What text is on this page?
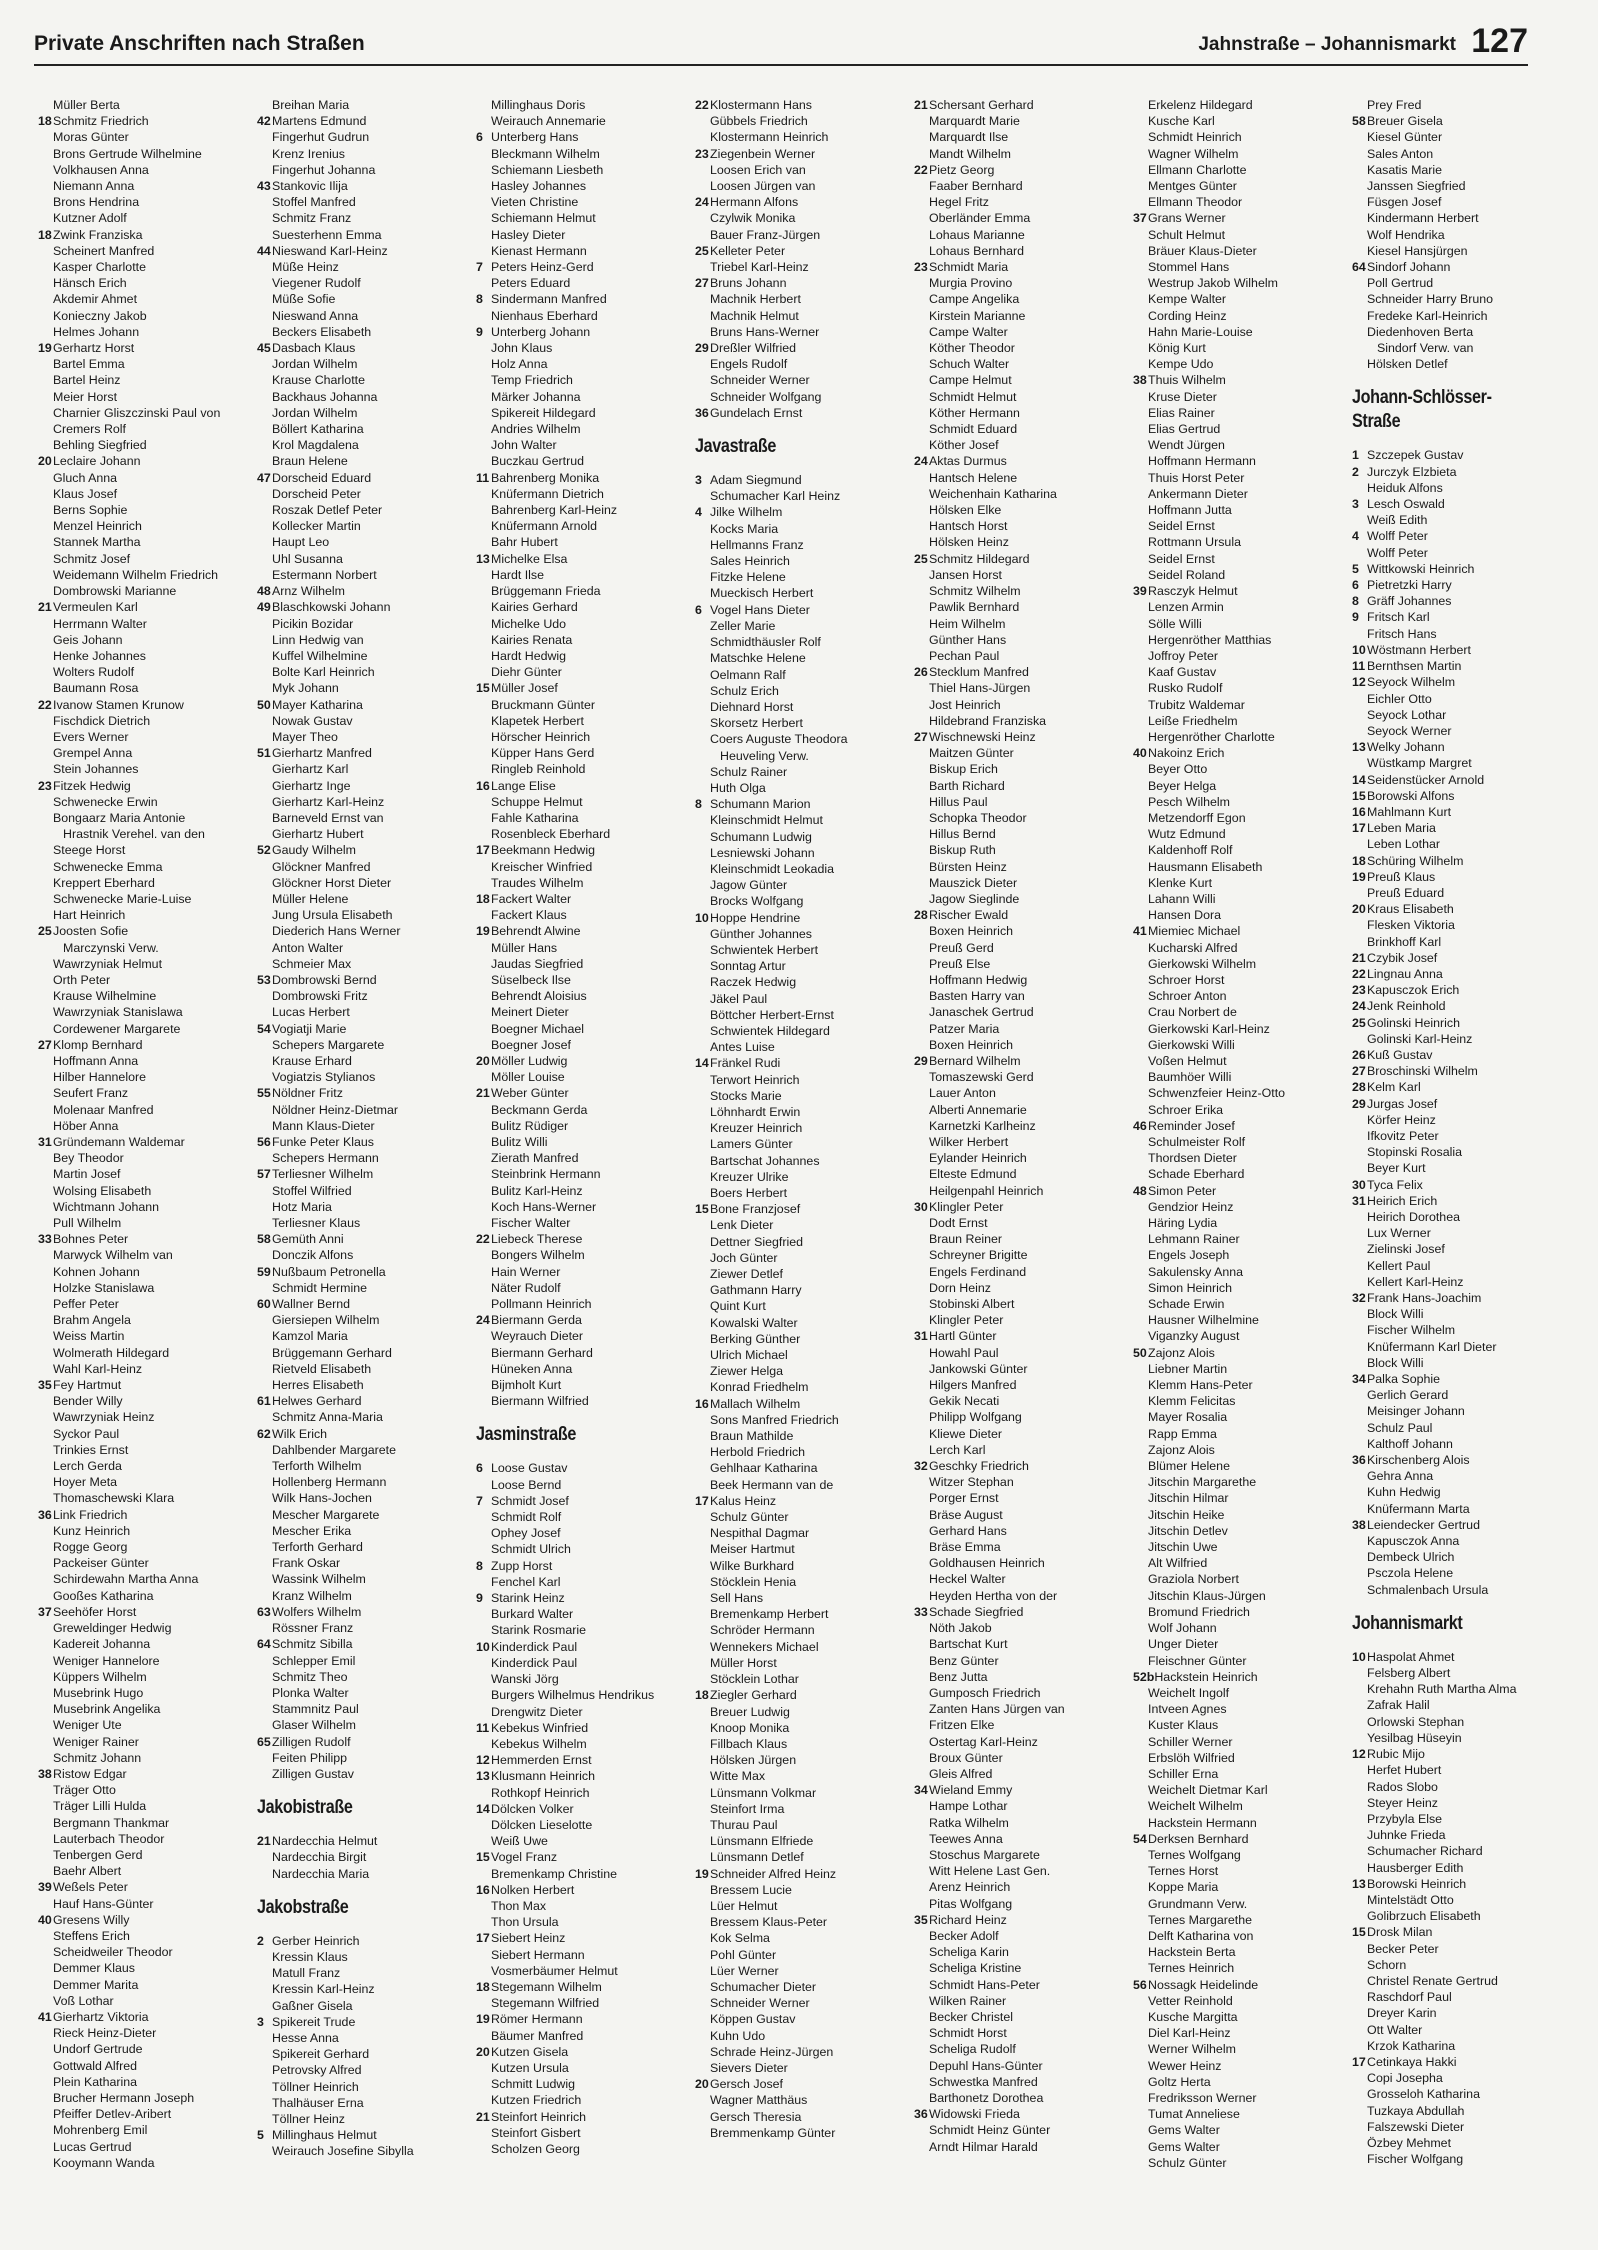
Private Anschriften nach Straßen	Jahnstraße – Johannismarkt 127
Müller Berta
18Schmitz Friedrich
Moras Günter
Brons Gertrude Wilhelmine
Volkhausen Anna
Niemann Anna
Brons Hendrina
Kutzner Adolf
18Zwink Franziska
Scheinert Manfred
Kasper Charlotte
Hänsch Erich
Akdemir Ahmet
Konieczny Jakob
Helmes Johann
19Gerhartz Horst
Bartel Emma
Bartel Heinz
Meier Horst
Charnier Gliszczinski Paul von
Cremers Rolf
Behling Siegfried
20Leclaire Johann
Gluch Anna
Klaus Josef
Berns Sophie
Menzel Heinrich
Stannek Martha
Schmitz Josef
Weidemann Wilhelm Friedrich
Dombrowski Marianne
21Vermeulen Karl
Herrmann Walter
Geis Johann
Henke Johannes
Wolters Rudolf
Baumann Rosa
22Ivanow Stamen Krunow
Fischdick Dietrich
Evers Werner
Grempel Anna
Stein Johannes
23Fitzek Hedwig
Schwenecke Erwin
Bongaarz Maria Antonie
Hrastnik Verehel. van den
Steege Horst
Schwenecke Emma
Kreppert Eberhard
Schwenecke Marie-Luise
Hart Heinrich
25Joosten Sofie
Marczynski Verw.
Wawrzyniak Helmut
Orth Peter
Krause Wilhelmine
Wawrzyniak Stanislawa
Cordewener Margarete
27Klomp Bernhard
Hoffmann Anna
Hilber Hannelore
Seufert Franz
Molenaar Manfred
Höber Anna
31Gründemann Waldemar
Bey Theodor
Martin Josef
Wolsing Elisabeth
Wichtmann Johann
Pull Wilhelm
33Bohnes Peter
Marwyck Wilhelm van
Kohnen Johann
Holzke Stanislawa
Peffer Peter
Brahm Angela
Weiss Martin
Wolmerath Hildegard
Wahl Karl-Heinz
35Fey Hartmut
Bender Willy
Wawrzyniak Heinz
Syckor Paul
Trinkies Ernst
Lerch Gerda
Hoyer Meta
Thomaschewski Klara
36Link Friedrich
Kunz Heinrich
Rogge Georg
Packeiser Günter
Schirdewahn Martha Anna
Gooßes Katharina
37Seehöfer Horst
Greweldinger Hedwig
Kadereit Johanna
Weniger Hannelore
Küppers Wilhelm
Musebrink Hugo
Musebrink Angelika
Weniger Ute
Weniger Rainer
Schmitz Johann
38Ristow Edgar
Träger Otto
Träger Lilli Hulda
Bergmann Thankmar
Lauterbach Theodor
Tenbergen Gerd
Baehr Albert
39Weßels Peter
Hauf Hans-Günter
40Gresens Willy
Steffens Erich
Scheidweiler Theodor
Demmer Klaus
Demmer Marita
Voß Lothar
41Gierhartz Viktoria
Rieck Heinz-Dieter
Undorf Gertrude
Gottwald Alfred
Plein Katharina
Brucher Hermann Joseph
Pfeiffer Detlev-Aribert
Mohrenberg Emil
Lucas Gertrud
Kooymann Wanda
Breihan Maria
42Martens Edmund
Fingerhut Gudrun
Krenz Irenius
Fingerhut Johanna
43Stankovic Ilija
Stoffel Manfred
Schmitz Franz
Suesterhenn Emma
44Nieswand Karl-Heinz
Müße Heinz
Viegener Rudolf
Müße Sofie
Nieswand Anna
Beckers Elisabeth
45Dasbach Klaus
Jordan Wilhelm
Krause Charlotte
Backhaus Johanna
Jordan Wilhelm
Böllert Katharina
Krol Magdalena
Braun Helene
47Dorscheid Eduard
Dorscheid Peter
Roszak Detlef Peter
Kollecker Martin
Haupt Leo
Uhl Susanna
Estermann Norbert
48Arnz Wilhelm
49Blaschkowski Johann
Picikin Bozidar
Linn Hedwig van
Kuffel Wilhelmine
Bolte Karl Heinrich
Myk Johann
50Mayer Katharina
Nowak Gustav
Mayer Theo
51Gierhartz Manfred
Gierhartz Karl
Gierhartz Inge
Gierhartz Karl-Heinz
Barneveld Ernst van
Gierhartz Hubert
52Gaudy Wilhelm
Glöckner Manfred
Glöckner Horst Dieter
Müller Helene
Jung Ursula Elisabeth
Diederich Hans Werner
Anton Walter
Schmeier Max
53Dombrowski Bernd
Dombrowski Fritz
Lucas Herbert
54Vogiatji Marie
Schepers Margarete
Krause Erhard
Vogiatzis Stylianos
55Nöldner Fritz
Nöldner Heinz-Dietmar
Mann Klaus-Dieter
56Funke Peter Klaus
Schepers Hermann
57Terliesner Wilhelm
Stoffel Wilfried
Hotz Maria
Terliesner Klaus
58Gemüth Anni
Donczik Alfons
59Nußbaum Petronella
Schmidt Hermine
60Wallner Bernd
Giersiepen Wilhelm
Kamzol Maria
Brüggemann Gerhard
Rietveld Elisabeth
Herres Elisabeth
61Helwes Gerhard
Schmitz Anna-Maria
62Wilk Erich
Dahlbender Margarete
Terforth Wilhelm
Hollenberg Hermann
Wilk Hans-Jochen
Mescher Margarete
Mescher Erika
Terforth Gerhard
Frank Oskar
Wassink Wilhelm
Kranz Wilhelm
63Wolfers Wilhelm
Rössner Franz
64Schmitz Sibilla
Schlepper Emil
Schmitz Theo
Plonka Walter
Stammnitz Paul
Glaser Wilhelm
65Zilligen Rudolf
Feiten Philipp
Zilligen Gustav
Jakobistraße
21Nardecchia Helmut
Nardecchia Birgit
Nardecchia Maria
Jakobstraße
2Gerber Heinrich
Kressin Klaus
Matull Franz
Kressin Karl-Heinz
Gaßner Gisela
3Spikereit Trude
Hesse Anna
Spikereit Gerhard
Petrovsky Alfred
Töllner Heinrich
Thalhäuser Erna
Töllner Heinz
5Millinghaus Helmut
Weirauch Josefine Sibylla
Millinghaus Doris
Weirauch Annemarie
6Unterberg Hans
Bleckmann Wilhelm
Schiemann Liesbeth
Hasley Johannes
Vieten Christine
Schiemann Helmut
Hasley Dieter
Kienast Hermann
7Peters Heinz-Gerd
Peters Eduard
8Sindermann Manfred
Nienhaus Eberhard
9Unterberg Johann
John Klaus
Holz Anna
Temp Friedrich
Märker Johanna
Spikereit Hildegard
Andries Wilhelm
John Walter
Buczkau Gertrud
11Bahrenberg Monika
Knüfermann Dietrich
Bahrenberg Karl-Heinz
Knüfermann Arnold
Bahr Hubert
13Michelke Elsa
Hardt Ilse
Brüggemann Frieda
Kairies Gerhard
Michelke Udo
Kairies Renata
Hardt Hedwig
Diehr Günter
15Müller Josef
Bruckmann Günter
Klapetek Herbert
Hörscher Heinrich
Küpper Hans Gerd
Ringleb Reinhold
16Lange Elise
Schuppe Helmut
Fahle Katharina
Rosenbleck Eberhard
17Beekmann Hedwig
Kreischer Winfried
Traudes Wilhelm
18Fackert Walter
Fackert Klaus
19Behrendt Alwine
Müller Hans
Jaudas Siegfried
Süselbeck Ilse
Behrendt Aloisius
Meinert Dieter
Boegner Michael
Boegner Josef
20Möller Ludwig
Möller Louise
21Weber Günter
Beckmann Gerda
Bulitz Rüdiger
Bulitz Willi
Zierath Manfred
Steinbrink Hermann
Bulitz Karl-Heinz
Koch Hans-Werner
Fischer Walter
22Liebeck Therese
Bongers Wilhelm
Hain Werner
Näter Rudolf
Pollmann Heinrich
24Biermann Gerda
Weyrauch Dieter
Biermann Gerhard
Hüneken Anna
Bijmholt Kurt
Biermann Wilfried
Jasminstraße
6Loose Gustav
Loose Bernd
7Schmidt Josef
Schmidt Rolf
Ophey Josef
Schmidt Ulrich
8Zupp Horst
Fenchel Karl
9Starink Heinz
Burkard Walter
Starink Rosmarie
10Kinderdick Paul
Kinderdick Paul
Wanski Jörg
Burgers Wilhelmus Hendrikus
Drengwitz Dieter
11Kebekus Winfried
Kebekus Wilhelm
12Hemmerden Ernst
13Klusmann Heinrich
Rothkopf Heinrich
14Dölcken Volker
Dölcken Lieselotte
Weiß Uwe
15Vogel Franz
Bremenkamp Christine
16Nolken Herbert
Thon Max
Thon Ursula
17Siebert Heinz
Siebert Hermann
Vosmerbäumer Helmut
18Stegemann Wilhelm
Stegemann Wilfried
19Römer Hermann
Bäumer Manfred
20Kutzen Gisela
Kutzen Ursula
Schmitt Ludwig
Kutzen Friedrich
21Steinfort Heinrich
Steinfort Gisbert
Scholzen Georg
22Klostermann Hans
Gübbels Friedrich
Klostermann Heinrich
23Ziegenbein Werner
Loosen Erich van
Loosen Jürgen van
24Hermann Alfons
Czylwik Monika
Bauer Franz-Jürgen
25Kelleter Peter
Triebel Karl-Heinz
27Bruns Johann
Machnik Herbert
Machnik Helmut
Bruns Hans-Werner
29Dreßler Wilfried
Engels Rudolf
Schneider Werner
Schneider Wolfgang
36Gundelach Ernst
Javastraße
3Adam Siegmund
Schumacher Karl Heinz
4Jilke Wilhelm
Kocks Maria
Hellmanns Franz
Sales Heinrich
Fitzke Helene
Mueckisch Herbert
6Vogel Hans Dieter
Zeller Marie
Schmidthäusler Rolf
Matschke Helene
Oelmann Ralf
Schulz Erich
Diehnard Horst
Skorsetz Herbert
Coers Auguste Theodora
Heuveling Verw.
Schulz Rainer
Huth Olga
8Schumann Marion
Kleinschmidt Helmut
Schumann Ludwig
Lesniewski Johann
Kleinschmidt Leokadia
Jagow Günter
Brocks Wolfgang
10Hoppe Hendrine
Günther Johannes
Schwientek Herbert
Sonntag Artur
Raczek Hedwig
Jäkel Paul
Böttcher Herbert-Ernst
Schwientek Hildegard
Antes Luise
14Fränkel Rudi
Terwort Heinrich
Stocks Marie
Löhnhardt Erwin
Kreuzer Heinrich
Lamers Günter
Bartschat Johannes
Kreuzer Ulrike
Boers Herbert
15Bone Franzjosef
Lenk Dieter
Dettner Siegfried
Joch Günter
Ziewer Detlef
Gathmann Harry
Quint Kurt
Kowalski Walter
Berking Günther
Ulrich Michael
Ziewer Helga
Konrad Friedhelm
16Mallach Wilhelm
Sons Manfred Friedrich
Braun Mathilde
Herbold Friedrich
Gehlhaar Katharina
Beek Hermann van de
17Kalus Heinz
Schulz Günter
Nespithal Dagmar
Meiser Hartmut
Wilke Burkhard
Stöcklein Henia
Sell Hans
Bremenkamp Herbert
Schröder Hermann
Wennekers Michael
Müller Horst
Stöcklein Lothar
18Ziegler Gerhard
Breuer Ludwig
Knoop Monika
Fillbach Klaus
Hölsken Jürgen
Witte Max
Lünsmann Volkmar
Steinfort Irma
Thurau Paul
Lünsmann Elfriede
Lünsmann Detlef
19Schneider Alfred Heinz
Bressem Lucie
Lüer Helmut
Bressem Klaus-Peter
Kok Selma
Pohl Günter
Lüer Werner
Schumacher Dieter
Schneider Werner
Köppen Gustav
Kuhn Udo
Schrade Heinz-Jürgen
Sievers Dieter
20Gersch Josef
Wagner Matthäus
Gersch Theresia
Bremmenkamp Günter
21Schersant Gerhard
Marquardt Marie
Marquardt Ilse
Mandt Wilhelm
22Pietz Georg
Faaber Bernhard
Hegel Fritz
Oberländer Emma
Lohaus Marianne
Lohaus Bernhard
23Schmidt Maria
Murgia Provino
Campe Angelika
Kirstein Marianne
Campe Walter
Köther Theodor
Schuch Walter
Campe Helmut
Schmidt Helmut
Köther Hermann
Schmidt Eduard
Köther Josef
24Aktas Durmus
Hantsch Helene
Weichenhain Katharina
Hölsken Elke
Hantsch Horst
Hölsken Heinz
25Schmitz Hildegard
Jansen Horst
Schmitz Wilhelm
Pawlik Bernhard
Heim Wilhelm
Günther Hans
Pechan Paul
26Stecklum Manfred
Thiel Hans-Jürgen
Jost Heinrich
Hildebrand Franziska
27Wischnewski Heinz
Maitzen Günter
Biskup Erich
Barth Richard
Hillus Paul
Schopka Theodor
Hillus Bernd
Biskup Ruth
Bürsten Heinz
Mauszick Dieter
Jagow Sieglinde
28Rischer Ewald
Boxen Heinrich
Preuß Gerd
Preuß Else
Hoffmann Hedwig
Basten Harry van
Janaschek Gertrud
Patzer Maria
Boxen Heinrich
29Bernard Wilhelm
Tomaszewski Gerd
Lauer Anton
Alberti Annemarie
Karnetzki Karlheinz
Wilker Herbert
Eylander Heinrich
Elteste Edmund
Heilgenpahl Heinrich
30Klingler Peter
Dodt Ernst
Braun Reiner
Schreyner Brigitte
Engels Ferdinand
Dorn Heinz
Stobinski Albert
Klingler Peter
31Hartl Günter
Howahl Paul
Jankowski Günter
Hilgers Manfred
Gekik Necati
Philipp Wolfgang
Kliewe Dieter
Lerch Karl
32Geschky Friedrich
Witzer Stephan
Porger Ernst
Bräse August
Gerhard Hans
Bräse Emma
Goldhausen Heinrich
Heckel Walter
Heyden Hertha von der
33Schade Siegfried
Nöth Jakob
Bartschat Kurt
Benz Günter
Benz Jutta
Gumposch Friedrich
Zanten Hans Jürgen van
Fritzen Elke
Ostertag Karl-Heinz
Broux Günter
Gleis Alfred
34Wieland Emmy
Hampe Lothar
Ratka Wilhelm
Teewes Anna
Stoschus Margarete
Witt Helene Last Gen.
Arenz Heinrich
Pitas Wolfgang
35Richard Heinz
Becker Adolf
Scheliga Karin
Scheliga Kristine
Schmidt Hans-Peter
Wilken Rainer
Becker Christel
Schmidt Horst
Scheliga Rudolf
Depuhl Hans-Günter
Schwestka Manfred
Barthonetz Dorothea
36Widowski Frieda
Schmidt Heinz Günter
Arndt Hilmar Harald
Erkelenz Hildegard
Kusche Karl
Schmidt Heinrich
Wagner Wilhelm
Ellmann Charlotte
Mentges Günter
Ellmann Theodor
37Grans Werner
Schult Helmut
Bräuer Klaus-Dieter
Stommel Hans
Westrup Jakob Wilhelm
Kempe Walter
Cording Heinz
Hahn Marie-Louise
König Kurt
Kempe Udo
38Thuis Wilhelm
Kruse Dieter
Elias Rainer
Elias Gertrud
Wendt Jürgen
Hoffmann Hermann
Thuis Horst Peter
Ankermann Dieter
Hoffmann Jutta
Seidel Ernst
Rottmann Ursula
Seidel Ernst
Seidel Roland
39Rasczyk Helmut
Lenzen Armin
Sölle Willi
Hergenröther Matthias
Joffroy Peter
Kaaf Gustav
Rusko Rudolf
Trubitz Waldemar
Leiße Friedhelm
Hergenröther Charlotte
40Nakoinz Erich
Beyer Otto
Beyer Helga
Pesch Wilhelm
Metzendorff Egon
Wutz Edmund
Kaldenhoff Rolf
Hausmann Elisabeth
Klenke Kurt
Lahann Willi
Hansen Dora
41Miemiec Michael
Kucharski Alfred
Gierkowski Wilhelm
Schroer Horst
Schroer Anton
Crau Norbert de
Gierkowski Karl-Heinz
Gierkowski Willi
Voßen Helmut
Baumhöer Willi
Schwenzfeier Heinz-Otto
Schroer Erika
46Reminder Josef
Schulmeister Rolf
Thordsen Dieter
Schade Eberhard
48Simon Peter
Gendzior Heinz
Häring Lydia
Lehmann Rainer
Engels Joseph
Sakulensky Anna
Simon Heinrich
Schade Erwin
Hausner Wilhelmine
Viganzky August
50Zajonz Alois
Liebner Martin
Klemm Hans-Peter
Klemm Felicitas
Mayer Rosalia
Rapp Emma
Zajonz Alois
Blümer Helene
Jitschin Margarethe
Jitschin Hilmar
Jitschin Heike
Jitschin Detlev
Jitschin Uwe
Alt Wilfried
Graziola Norbert
Jitschin Klaus-Jürgen
Bromund Friedrich
Wolf Johann
Unger Dieter
Fleischner Günter
52bHackstein Heinrich
Weichelt Ingolf
Intveen Agnes
Kuster Klaus
Schiller Werner
Erbslöh Wilfried
Schiller Erna
Weichelt Dietmar Karl
Weichelt Wilhelm
Hackstein Hermann
54Derksen Bernhard
Ternes Wolfgang
Ternes Horst
Koppe Maria
Grundmann Verw.
Ternes Margarethe
Delft Katharina von
Hackstein Berta
Ternes Heinrich
56Nossagk Heidelinde
Vetter Reinhold
Kusche Margitta
Diel Karl-Heinz
Werner Wilhelm
Wewer Heinz
Goltz Herta
Fredriksson Werner
Tumat Anneliese
Gems Walter
Gems Walter
Schulz Günter
Prey Fred
58Breuer Gisela
Kiesel Günter
Sales Anton
Kasatis Marie
Janssen Siegfried
Füsgen Josef
Kindermann Herbert
Wolf Hendrika
Kiesel Hansjürgen
64Sindorf Johann
Poll Gertrud
Schneider Harry Bruno
Fredeke Karl-Heinrich
Diedenhoven Berta
Sindorf Verw. van
Hölsken Detlef
Johann-Schlösser-Straße
1Szczepek Gustav
2Jurczyk Elzbieta
Heiduk Alfons
3Lesch Oswald
Weiß Edith
4Wolff Peter
Wolff Peter
5Wittkowski Heinrich
6Pietretzki Harry
8Gräff Johannes
9Fritsch Karl
Fritsch Hans
10Wöstmann Herbert
11Bernthsen Martin
12Seyock Wilhelm
Eichler Otto
Seyock Lothar
Seyock Werner
13Welky Johann
Wüstkamp Margret
14Seidenstücker Arnold
15Borowski Alfons
16Mahlmann Kurt
17Leben Maria
Leben Lothar
18Schüring Wilhelm
19Preuß Klaus
Preuß Eduard
20Kraus Elisabeth
Flesken Viktoria
Brinkhoff Karl
21Czybik Josef
22Lingnau Anna
23Kapusczok Erich
24Jenk Reinhold
25Golinski Heinrich
Golinski Karl-Heinz
26Kuß Gustav
27Broschinski Wilhelm
28Kelm Karl
29Jurgas Josef
Körfer Heinz
Ifkovitz Peter
Stopinski Rosalia
Beyer Kurt
30Tyca Felix
31Heirich Erich
Heirich Dorothea
Lux Werner
Zielinski Josef
Kellert Paul
Kellert Karl-Heinz
32Frank Hans-Joachim
Block Willi
Fischer Wilhelm
Knüfermann Karl Dieter
Block Willi
34Palka Sophie
Gerlich Gerard
Meisinger Johann
Schulz Paul
Kalthoff Johann
36Kirschenberg Alois
Gehra Anna
Kuhn Hedwig
Knüfermann Marta
38Leiendecker Gertrud
Kapusczok Anna
Dembeck Ulrich
Psczola Helene
Schmalenbach Ursula
Johannismarkt
10Haspolat Ahmet
Felsberg Albert
Krehahn Ruth Martha Alma
Zafrak Halil
Orlowski Stephan
Yesilbag Hüseyin
12Rubic Mijo
Herfet Hubert
Rados Slobo
Steyer Heinz
Przybyla Else
Juhnke Frieda
Schumacher Richard
Hausberger Edith
13Borowski Heinrich
Mintelstädt Otto
Golibrzuch Elisabeth
15Drosk Milan
Becker Peter
Schorn
Christel Renate Gertrud
Raschdorf Paul
Dreyer Karin
Ott Walter
Krzok Katharina
17Cetinkaya Hakki
Copi Josepha
Grosseloh Katharina
Tuzkaya Abdullah
Falszewski Dieter
Özbey Mehmet
Fischer Wolfgang
